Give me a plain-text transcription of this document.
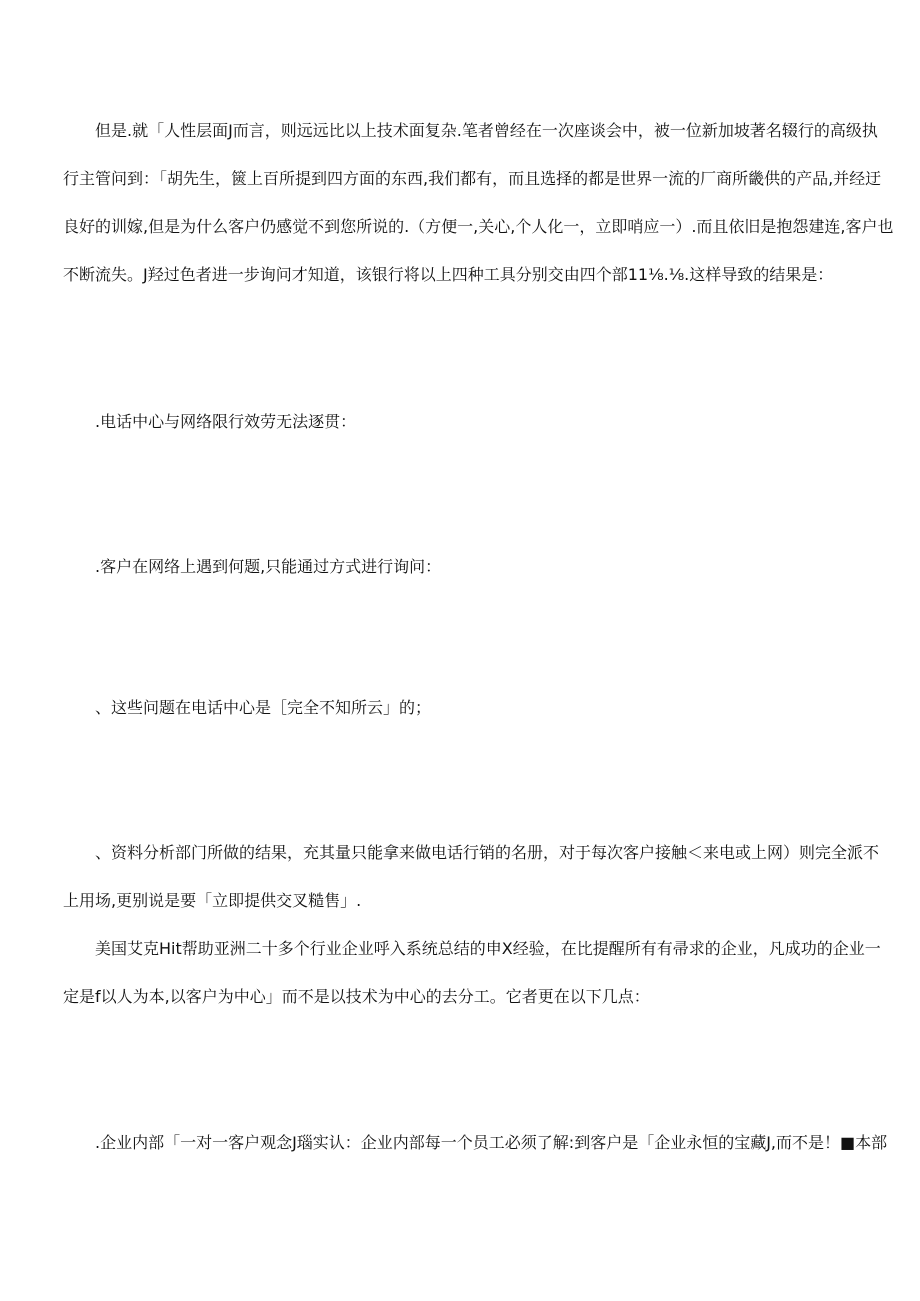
但是.就「人性层面J而言，则远远比以上技术面复杂.笔者曾经在一次座谈会中，被一位新加坡著名辍行的高级执
行主管问到：「胡先生，篋上百所提到四方面的东西,我们都有，而且选择的都是世界一流的厂商所畿供的产品,并经迂
良好的训嫁,但是为什么客户仍感觉不到您所说的.（方便一,关心,个人化一，立即哨应一）.而且依旧是抱怨建连,客户也
不断流失。J羟过色者进一步询问才知道，该银行将以上四种工具分别交由四个部11⅛.⅛.这样导致的结果是：
.电话中心与网络限行效劳无法逐贯：
.客户在网络上遇到何题,只能通过方式进行询问：
、这些问题在电话中心是［完全不知所云」的；
、资料分析部门所做的结果，充其量只能拿来做电话行销的名册，对于每次客户接触＜来电或上网）则完全派不
上用场,更别说是要「立即提供交叉糙售」.
美国艾克Hit帮助亚洲二十多个行业企业呼入系统总结的申X经验，在比提醒所有有帚求的企业，凡成功的企业一
定是f以人为本,以客户为中心」而不是以技术为中心的去分工。它者更在以下几点：
.企业内部「一对一客户观念J瑙实认：企业内部每一个员工必须了解:到客户是「企业永恒的宝藏J,而不是！■本部
